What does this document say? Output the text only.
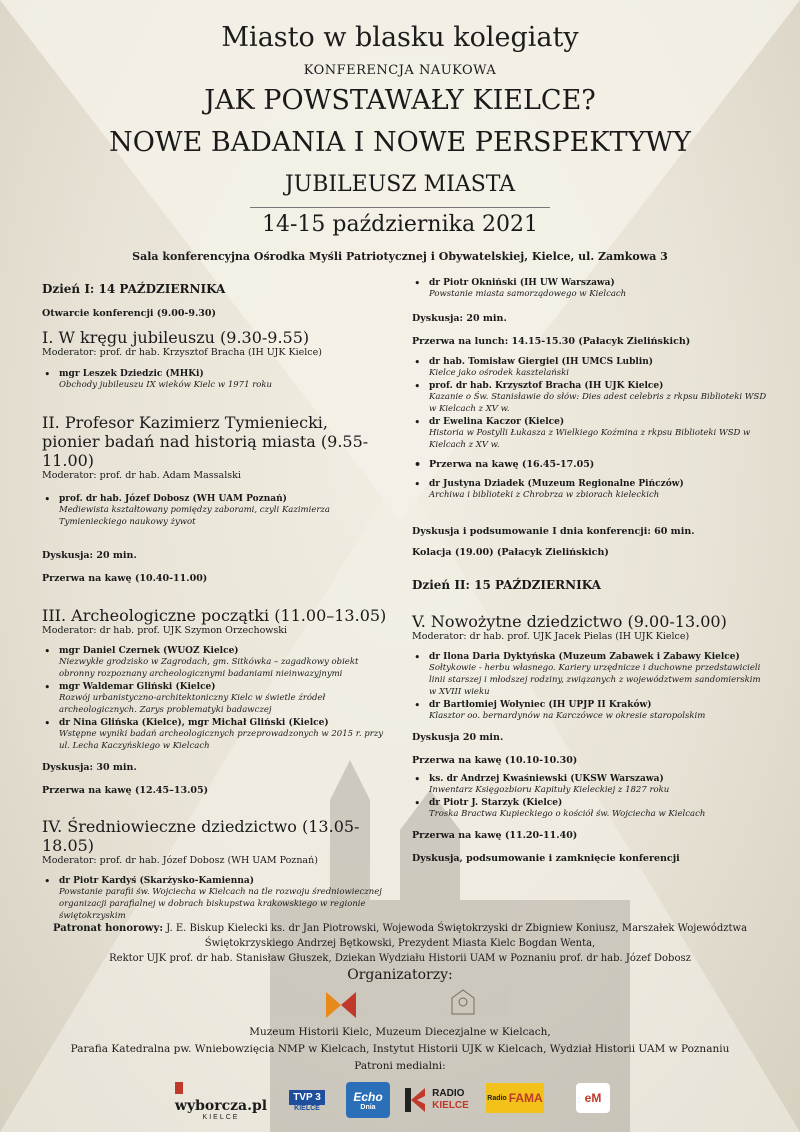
Miasto w blasku kolegiaty
KONFERENCJA NAUKOWA
JAK POWSTAWAŁY KIELCE?
NOWE BADANIA I NOWE PERSPEKTYWY
JUBILEUSZ MIASTA
14-15 października 2021
Sala konferencyjna Ośrodka Myśli Patriotycznej i Obywatelskiej, Kielce, ul. Zamkowa 3
Dzień I: 14 PAŹDZIERNIKA
Otwarcie konferencji (9.00-9.30)
I. W kręgu jubileuszu (9.30-9.55)
Moderator: prof. dr hab. Krzysztof Bracha (IH UJK Kielce)
• mgr Leszek Dziedzic (MHKi)
Obchody jubileuszu IX wieków Kielc w 1971 roku
II. Profesor Kazimierz Tymieniecki,
pionier badań nad historią miasta (9.55-11.00)
Moderator: prof. dr hab. Adam Massalski
• prof. dr hab. Józef Dobosz (WH UAM Poznań)
Mediewista kształtowany pomiędzy zaborami, czyli Kazimierza Tymienieckiego naukowy żywot
Dyskusja: 20 min.
Przerwa na kawę (10.40-11.00)
III. Archeologiczne początki (11.00–13.05)
Moderator: dr hab. prof. UJK Szymon Orzechowski
• mgr Daniel Czernek (WUOZ Kielce)
Niezwykłe grodzisko w Zagrodach, gm. Sitkówka – zagadkowy obiekt obronny rozpoznany archeologicznymi badaniami nieinwazyjnymi
• mgr Waldemar Gliński (Kielce)
Rozwój urbanistyczno-architektoniczny Kielc w świetle źródeł archeologicznych. Zarys problematyki badawczej
• dr Nina Glińska (Kielce), mgr Michał Gliński (Kielce)
Wstępne wyniki badań archeologicznych przeprowadzonych w 2015 r. przy ul. Lecha Kaczyńskiego w Kielcach
Dyskusja: 30 min.
Przerwa na kawę (12.45–13.05)
IV. Średniowieczne dziedzictwo (13.05-18.05)
Moderator: prof. dr hab. Józef Dobosz (WH UAM Poznań)
• dr Piotr Kardyś (Skarżysko-Kamienna)
Powstanie parafii św. Wojciecha w Kielcach na tle rozwoju średniowiecznej organizacji parafialnej w dobrach biskupstwa krakowskiego w regionie świętokrzyskim
• dr Piotr Okniński (IH UW Warszawa)
Powstanie miasta samorządowego w Kielcach
Dyskusja: 20 min.
Przerwa na lunch: 14.15-15.30 (Pałacyk Zielińskich)
• dr hab. Tomisław Giergiel (IH UMCS Lublin)
Kielce jako ośrodek kasztelański
• prof. dr hab. Krzysztof Bracha (IH UJK Kielce)
Kazanie o Św. Stanisławie do słów: Dies adest celebris z rkpsu Biblioteki WSD w Kielcach z XV w.
• dr Ewelina Kaczor (Kielce)
Historia w Postylli Łukasza z Wielkiego Koźmina z rkpsu Biblioteki WSD w Kielcach z XV w.
• Przerwa na kawę (16.45-17.05)
• dr Justyna Dziadek (Muzeum Regionalne Pińczów)
Archiwa i biblioteki z Chrobrza w zbiorach kieleckich
Dyskusja i podsumowanie I dnia konferencji: 60 min.
Kolacja (19.00) (Pałacyk Zielińskich)
Dzień II: 15 PAŹDZIERNIKA
V. Nowożytne dziedzictwo (9.00-13.00)
Moderator: dr hab. prof. UJK Jacek Pielas (IH UJK Kielce)
• dr Ilona Daria Dyktyńska (Muzeum Zabawek i Zabawy Kielce)
Sołtykowie - herbu własnego. Kariery urzędnicze i duchowne przedstawicieli linii starszej i młodszej rodziny, związanych z województwem sandomierskim w XVIII wieku
• dr Bartłomiej Wołyniec (IH UPJP II Kraków)
Klasztor oo. bernardynów na Karczówce w okresie staropolskim
Dyskusja 20 min.
Przerwa na kawę (10.10-10.30)
• ks. dr Andrzej Kwaśniewski (UKSW Warszawa)
Inwentarz Księgozbioru Kapituły Kieleckiej z 1827 roku
• dr Piotr J. Starzyk (Kielce)
Troska Bractwa Kupieckiego o kościół św. Wojciecha w Kielcach
Przerwa na kawę (11.20-11.40)
Dyskusja, podsumowanie i zamknięcie konferencji
Patronat honorowy: J. E. Biskup Kielecki ks. dr Jan Piotrowski, Wojewoda Świętokrzyski dr Zbigniew Koniusz, Marszałek Województwa
Świętokrzyskiego Andrzej Bętkowski, Prezydent Miasta Kielc Bogdan Wenta,
Rektor UJK prof. dr hab. Stanisław Głuszek, Dziekan Wydziału Historii UAM w Poznaniu prof. dr hab. Józef Dobosz
Organizatorzy:
Muzeum Historii Kielc, Muzeum Diecezjalne w Kielcach,
Parafia Katedralna pw. Wniebowzięcia NMP w Kielcach, Instytut Historii UJK w Kielcach, Wydział Historii UAM w Poznaniu
Patroni medialni:
wyborcza.pl
KIELCE
TVP 3
KIELCE
Echo
Dnia
RADIO
KIELCE
Radio FAMA	eM
